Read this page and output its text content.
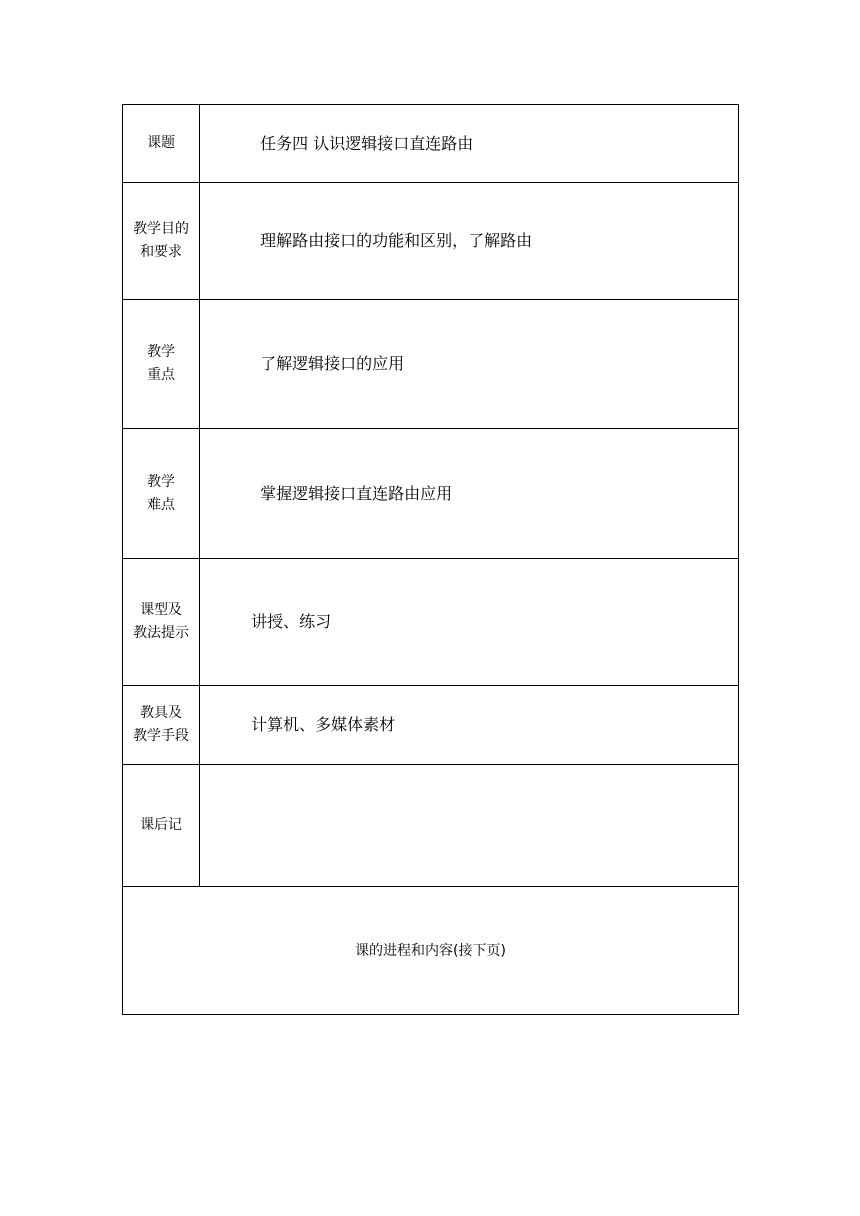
课题	任务四 认识逻辑接口直连路由

教学目的
和要求	理解路由接口的功能和区别，了解路由

教学
重点	了解逻辑接口的应用

教学
难点	掌握逻辑接口直连路由应用

课型及
教法提示	讲授、练习

教具及
教学手段	计算机、多媒体素材

课后记	

课的进程和内容(接下页)	
